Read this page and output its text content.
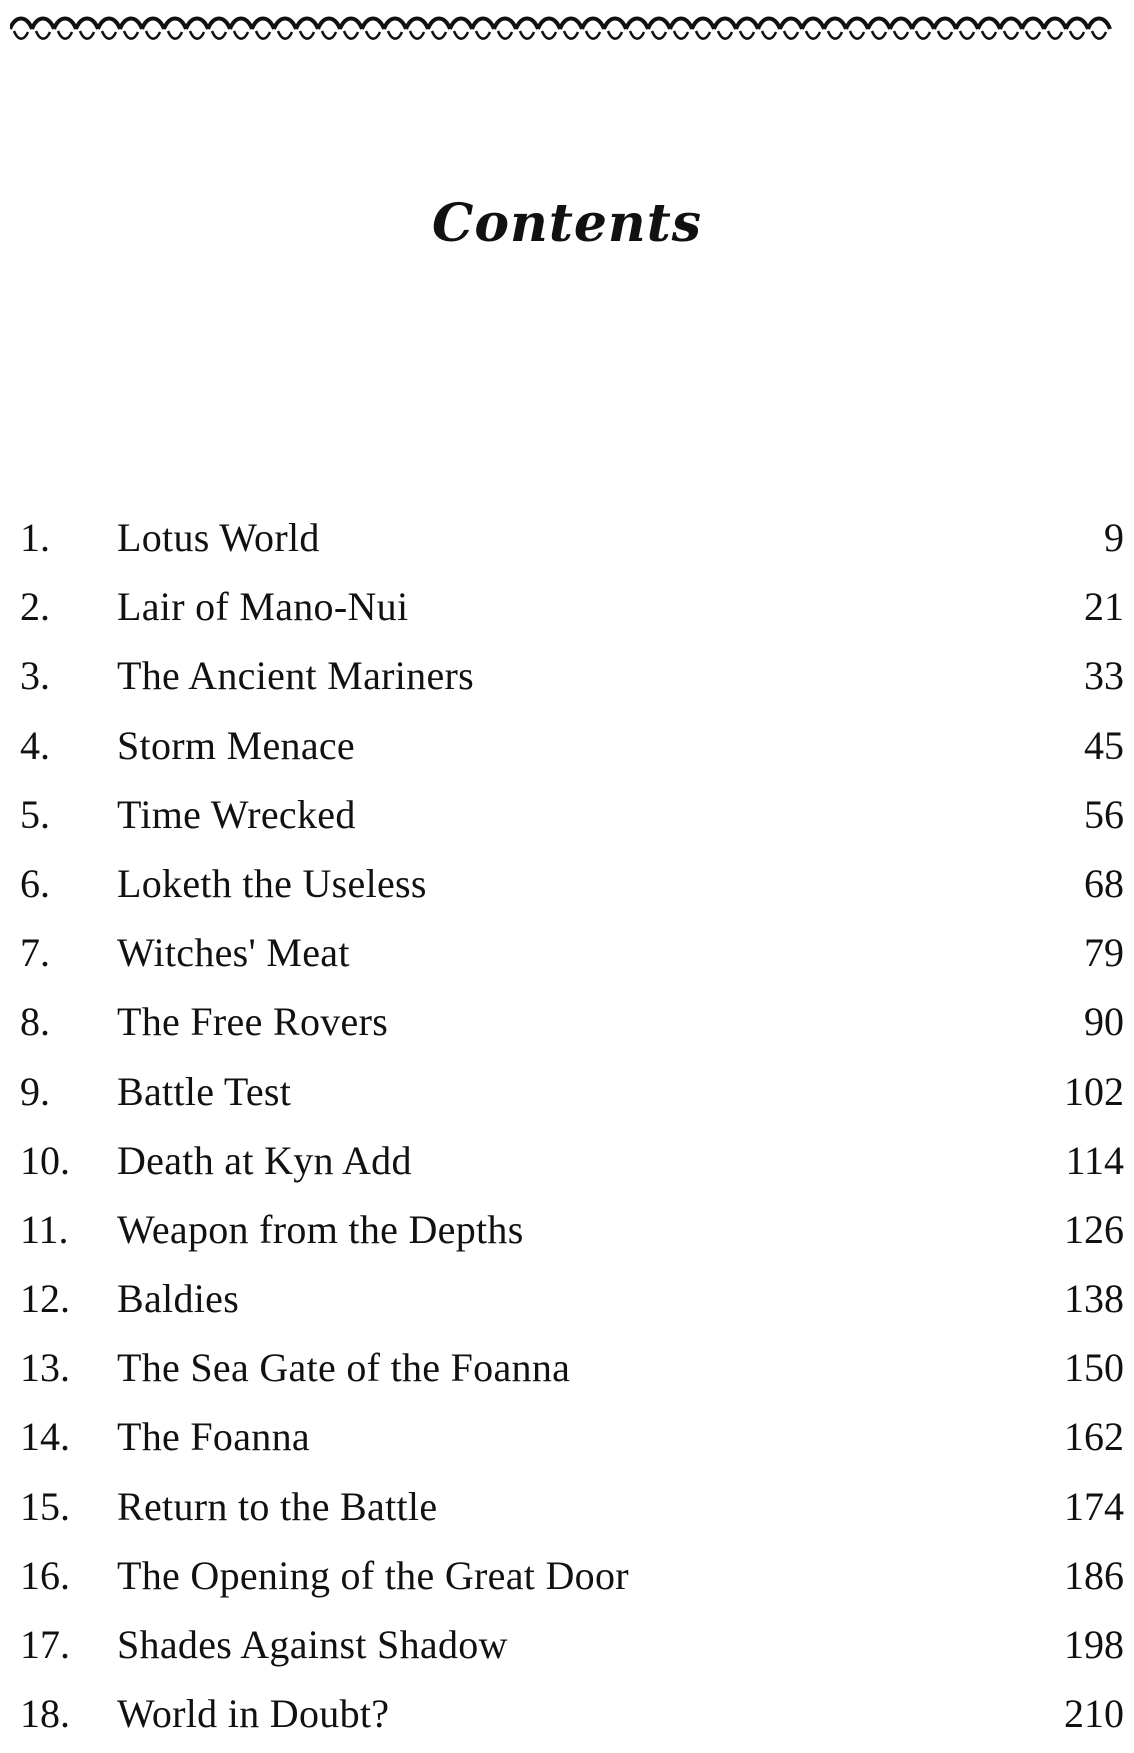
Contents
1.	Lotus World	9
2.	Lair of Mano-Nui	21
3.	The Ancient Mariners	33
4.	Storm Menace	45
5.	Time Wrecked	56
6.	Loketh the Useless	68
7.	Witches' Meat	79
8.	The Free Rovers	90
9.	Battle Test	102
10.	Death at Kyn Add	114
11.	Weapon from the Depths	126
12.	Baldies	138
13.	The Sea Gate of the Foanna	150
14.	The Foanna	162
15.	Return to the Battle	174
16.	The Opening of the Great Door	186
17.	Shades Against Shadow	198
18.	World in Doubt?	210
